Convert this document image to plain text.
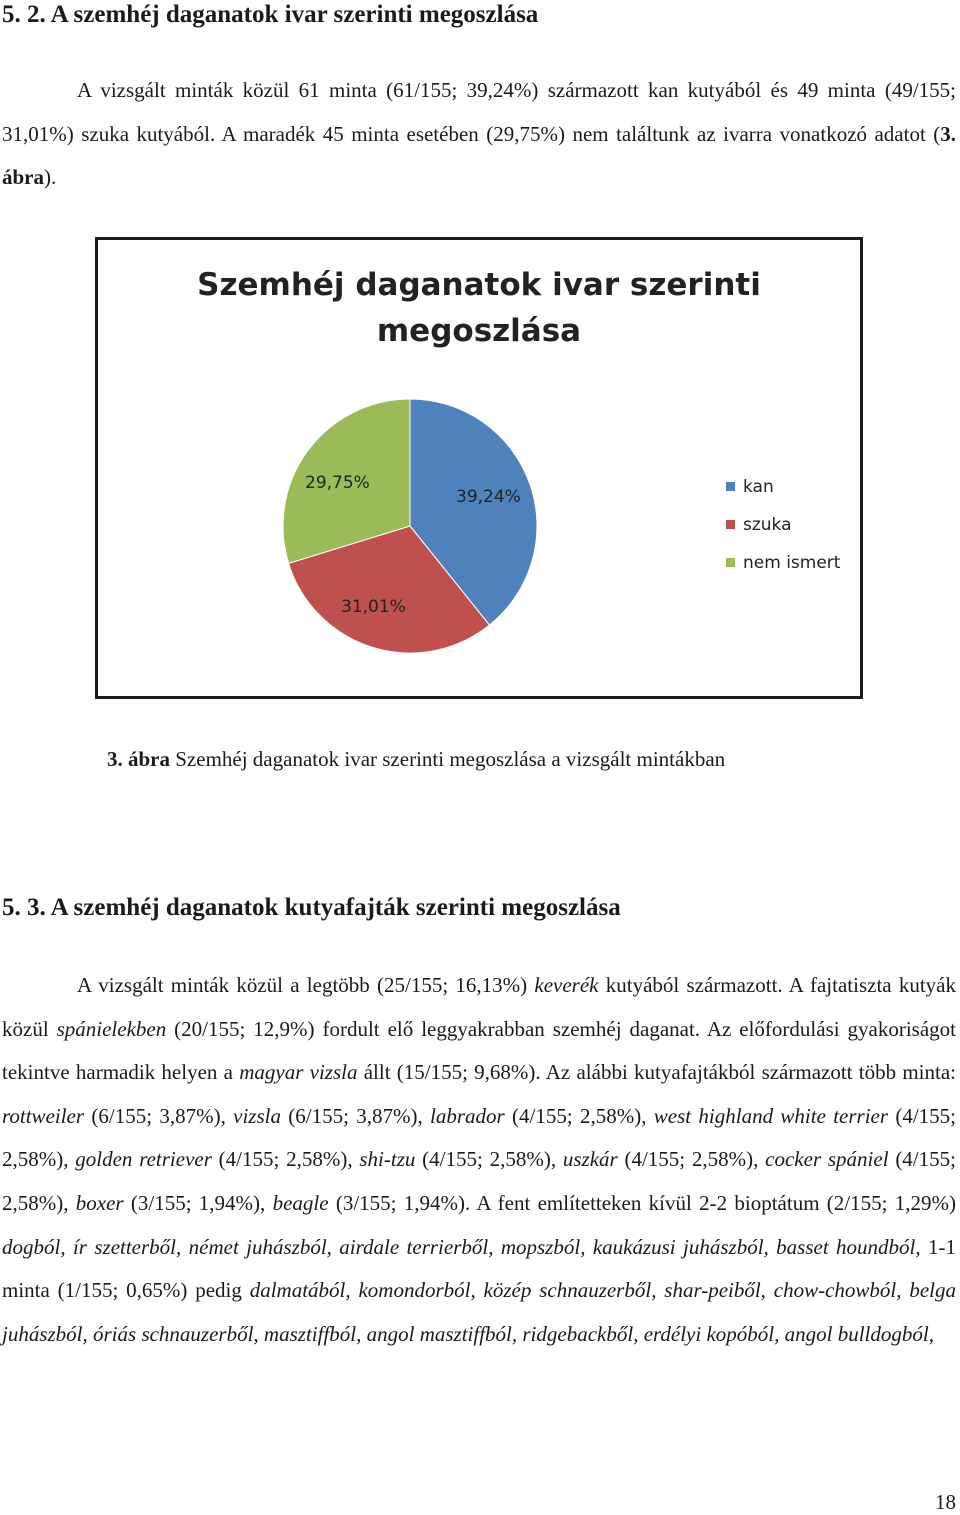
5. 2. A szemhéj daganatok ivar szerinti megoszlása

A vizsgált minták közül 61 minta (61/155; 39,24%) származott kan kutyából és 49 minta (49/155; 31,01%) szuka kutyából. A maradék 45 minta esetében (29,75%) nem találtunk az ivarra vonatkozó adatot (3. ábra).

Szemhéj daganatok ivar szerinti
megoszlása
39,24%
31,01%
29,75%	kan
szuka
nem ismert

3. ábra Szemhéj daganatok ivar szerinti megoszlása a vizsgált mintákban

5. 3. A szemhéj daganatok kutyafajták szerinti megoszlása

A vizsgált minták közül a legtöbb (25/155; 16,13%) keverék kutyából származott. A fajtatiszta kutyák közül spánielekben (20/155; 12,9%) fordult elő leggyakrabban szemhéj daganat. Az előfordulási gyakoriságot tekintve harmadik helyen a magyar vizsla állt (15/155; 9,68%). Az alábbi kutyafajtákból származott több minta: rottweiler (6/155; 3,87%), vizsla (6/155; 3,87%), labrador (4/155; 2,58%), west highland white terrier (4/155; 2,58%), golden retriever (4/155; 2,58%), shi-tzu (4/155; 2,58%), uszkár (4/155; 2,58%), cocker spániel (4/155; 2,58%), boxer (3/155; 1,94%), beagle (3/155; 1,94%). A fent említetteken kívül 2-2 bioptátum (2/155; 1,29%) dogból, ír szetterből, német juhászból, airdale terrierből, mopszból, kaukázusi juhászból, basset houndból, 1-1 minta (1/155; 0,65%) pedig dalmatából, komondorból, közép schnauzerből, shar-peiből, chow-chowból, belga juhászból, óriás schnauzerből, masztiffból, angol masztiffból, ridgebackből, erdélyi kopóból, angol bulldogból,

18
